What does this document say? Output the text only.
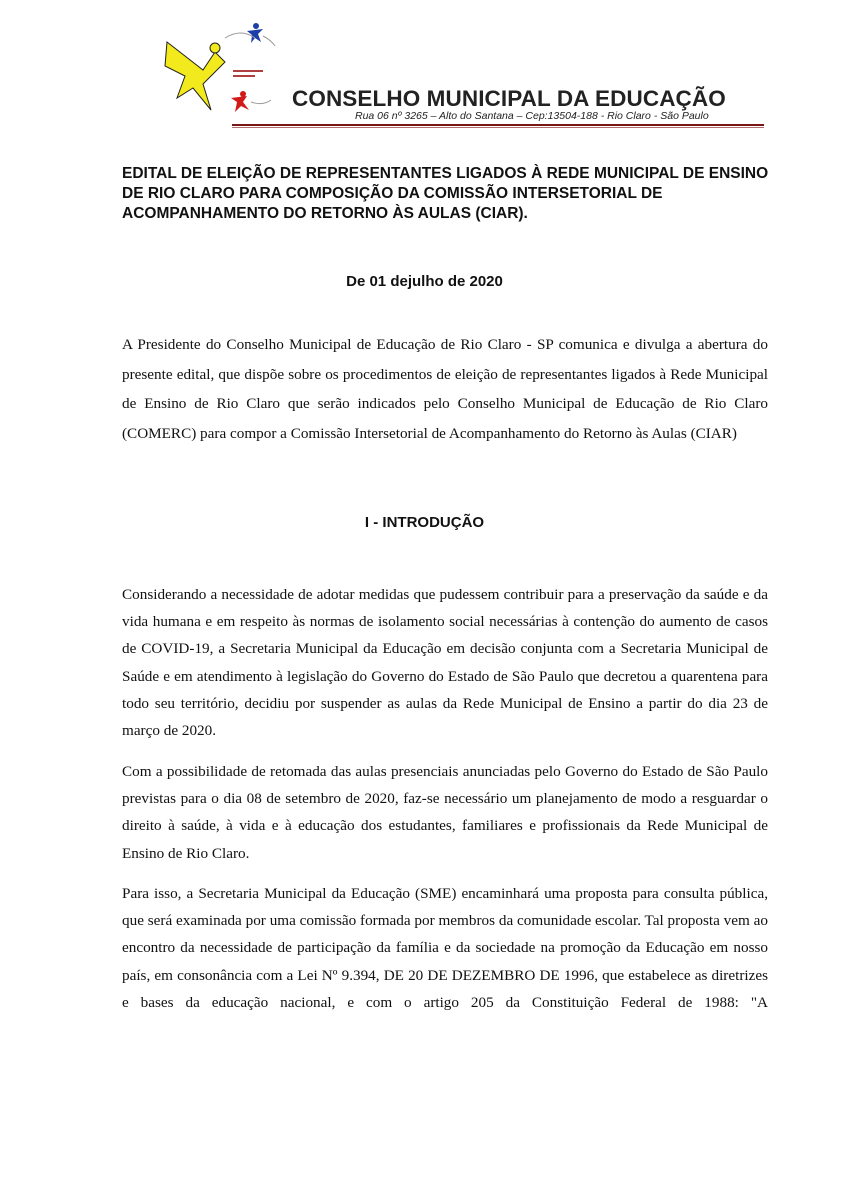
CONSELHO MUNICIPAL DA EDUCAÇÃO
Rua 06 nº 3265 – Alto do Santana – Cep:13504-188 - Rio Claro - São Paulo
EDITAL DE ELEIÇÃO DE REPRESENTANTES LIGADOS À REDE MUNICIPAL DE ENSINO DE RIO CLARO PARA COMPOSIÇÃO DA COMISSÃO INTERSETORIAL DE ACOMPANHAMENTO DO RETORNO ÀS AULAS (CIAR).

De 01 dejulho de 2020

A Presidente do Conselho Municipal de Educação de Rio Claro - SP comunica e divulga a abertura do presente edital, que dispõe sobre os procedimentos de eleição de representantes ligados à Rede Municipal de Ensino de Rio Claro que serão indicados pelo Conselho Municipal de Educação de Rio Claro (COMERC) para compor a Comissão Intersetorial de Acompanhamento do Retorno às Aulas (CIAR)

I - INTRODUÇÃO

Considerando a necessidade de adotar medidas que pudessem contribuir para a preservação da saúde e da vida humana e em respeito às normas de isolamento social necessárias à contenção do aumento de casos de COVID-19, a Secretaria Municipal da Educação em decisão conjunta com a Secretaria Municipal de Saúde e em atendimento à legislação do Governo do Estado de São Paulo que decretou a quarentena para todo seu território, decidiu por suspender as aulas da Rede Municipal de Ensino a partir do dia 23 de março de 2020.

Com a possibilidade de retomada das aulas presenciais anunciadas pelo Governo do Estado de São Paulo previstas para o dia 08 de setembro de 2020, faz-se necessário um planejamento de modo a resguardar o direito à saúde, à vida e à educação dos estudantes, familiares e profissionais da Rede Municipal de Ensino de Rio Claro.

Para isso, a Secretaria Municipal da Educação (SME) encaminhará uma proposta para consulta pública, que será examinada por uma comissão formada por membros da comunidade escolar. Tal proposta vem ao encontro da necessidade de participação da família e da sociedade na promoção da Educação em nosso país, em consonância com a Lei Nº 9.394, DE 20 DE DEZEMBRO DE 1996, que estabelece as diretrizes e bases da educação nacional, e com o artigo 205 da Constituição Federal de 1988: "A
